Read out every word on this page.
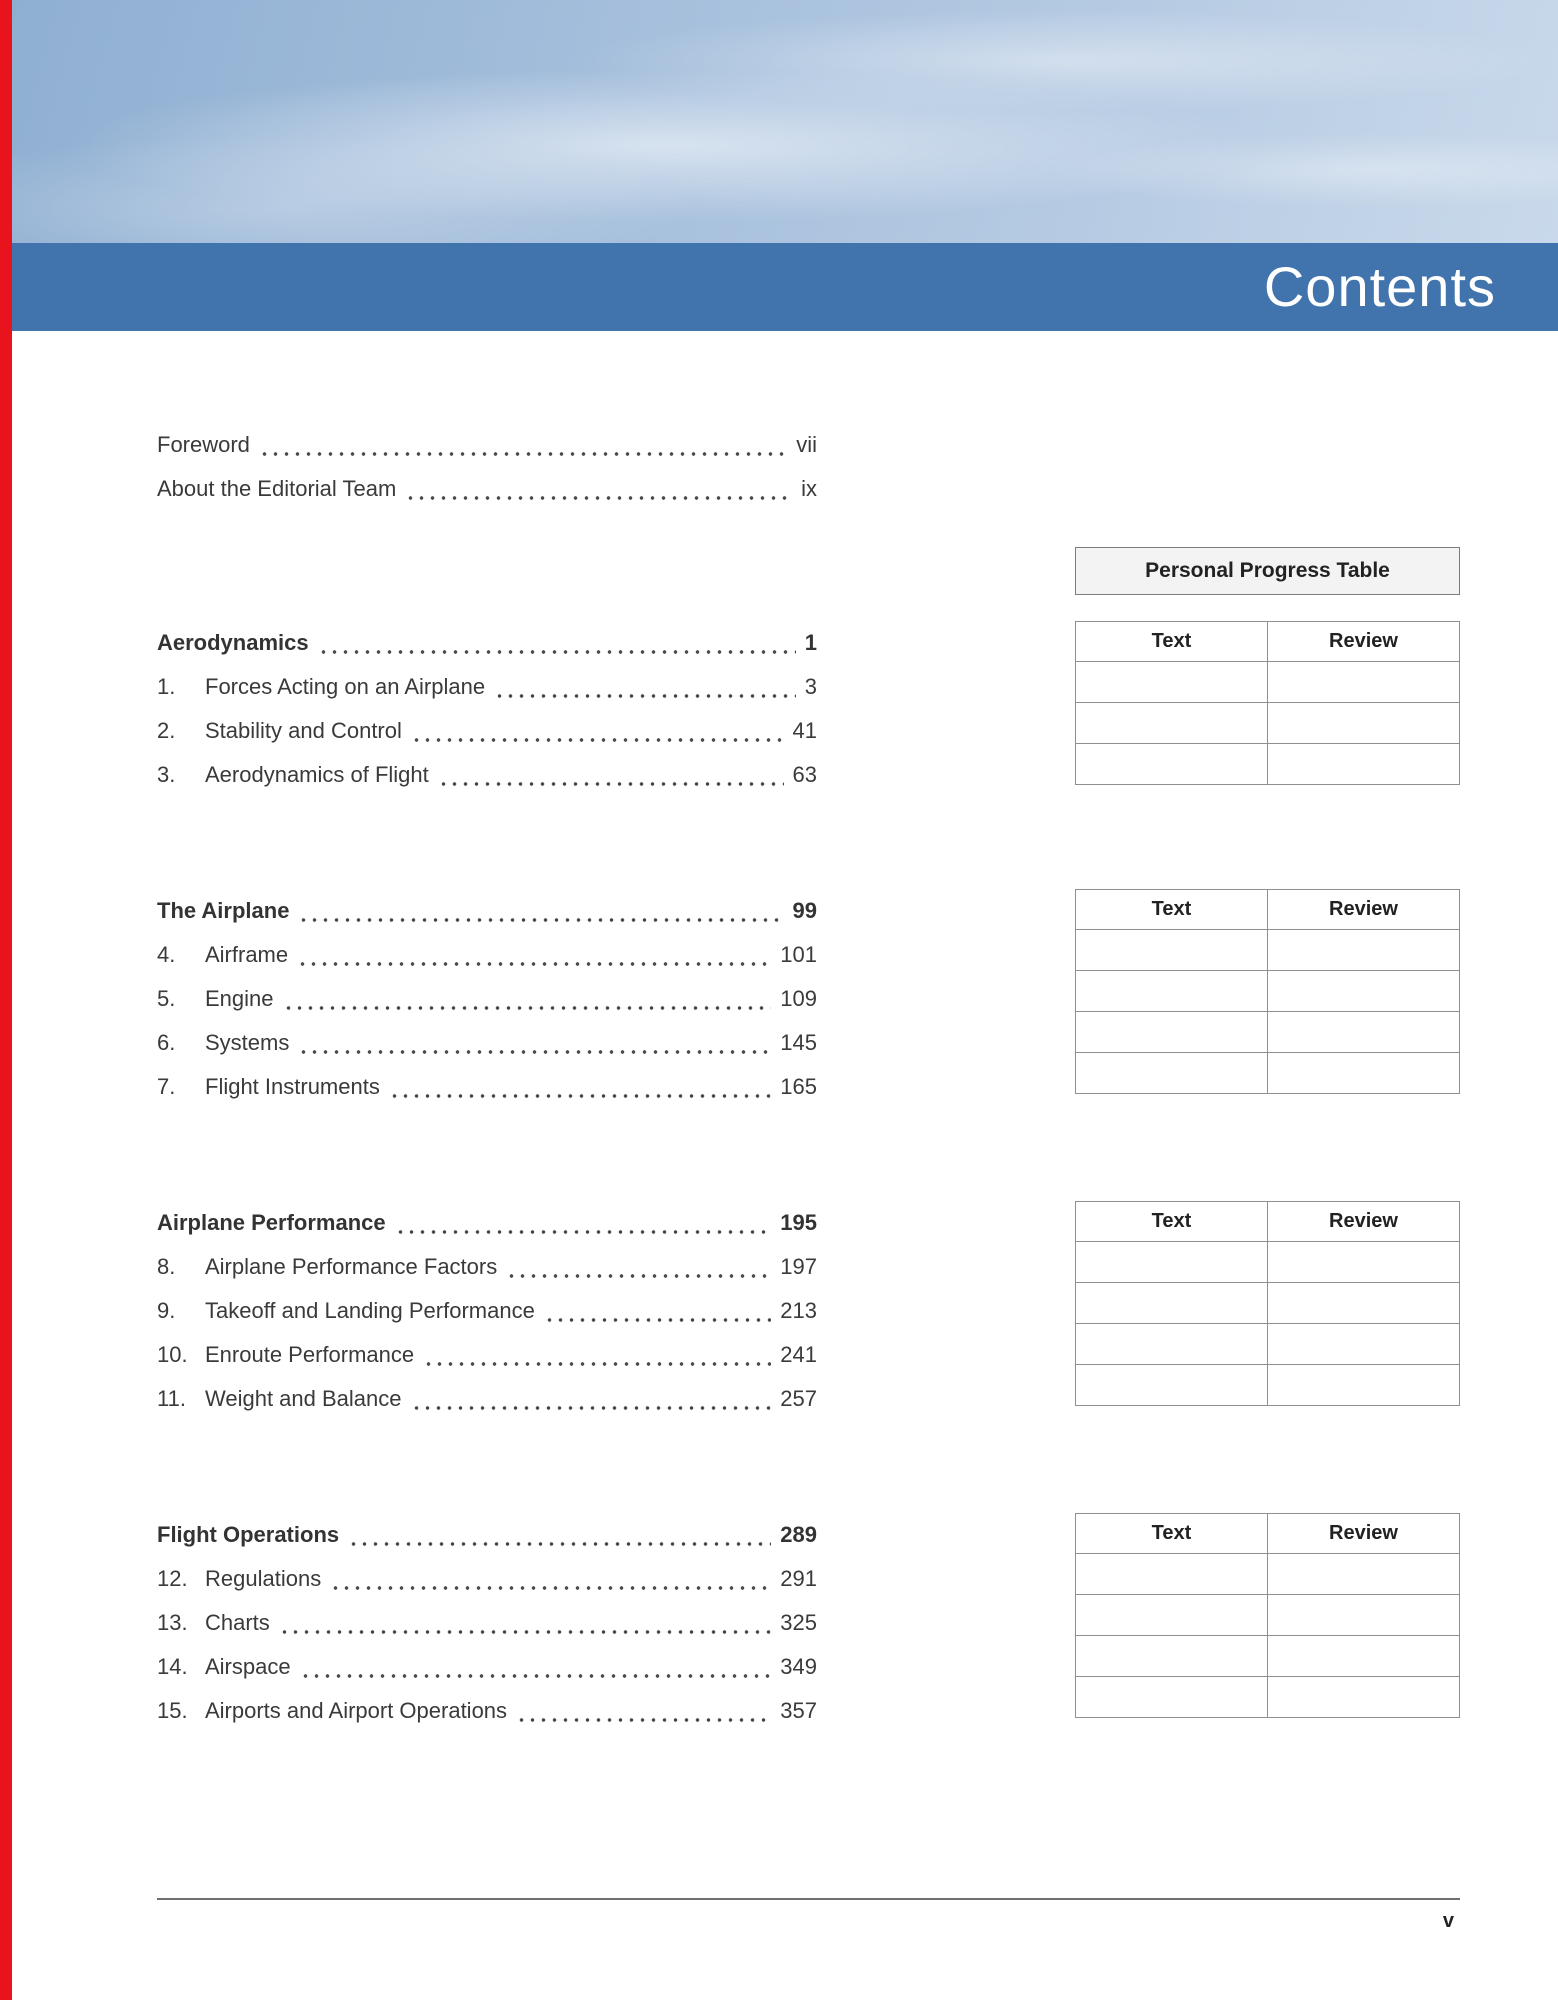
Contents
Foreword	vii
About the Editorial Team	ix
Personal Progress Table
Aerodynamics	1
1.	Forces Acting on an Airplane	3
2.	Stability and Control	41
3.	Aerodynamics of Flight	63
Text	Review

The Airplane	99
4.	Airframe	101
5.	Engine	109
6.	Systems	145
7.	Flight Instruments	165
Text	Review

Airplane Performance	195
8.	Airplane Performance Factors	197
9.	Takeoff and Landing Performance	213
10. Enroute Performance	241
11. Weight and Balance	257
Text	Review

Flight Operations	289
12. Regulations	291
13. Charts	325
14. Airspace	349
15. Airports and Airport Operations	357
Text	Review

v
